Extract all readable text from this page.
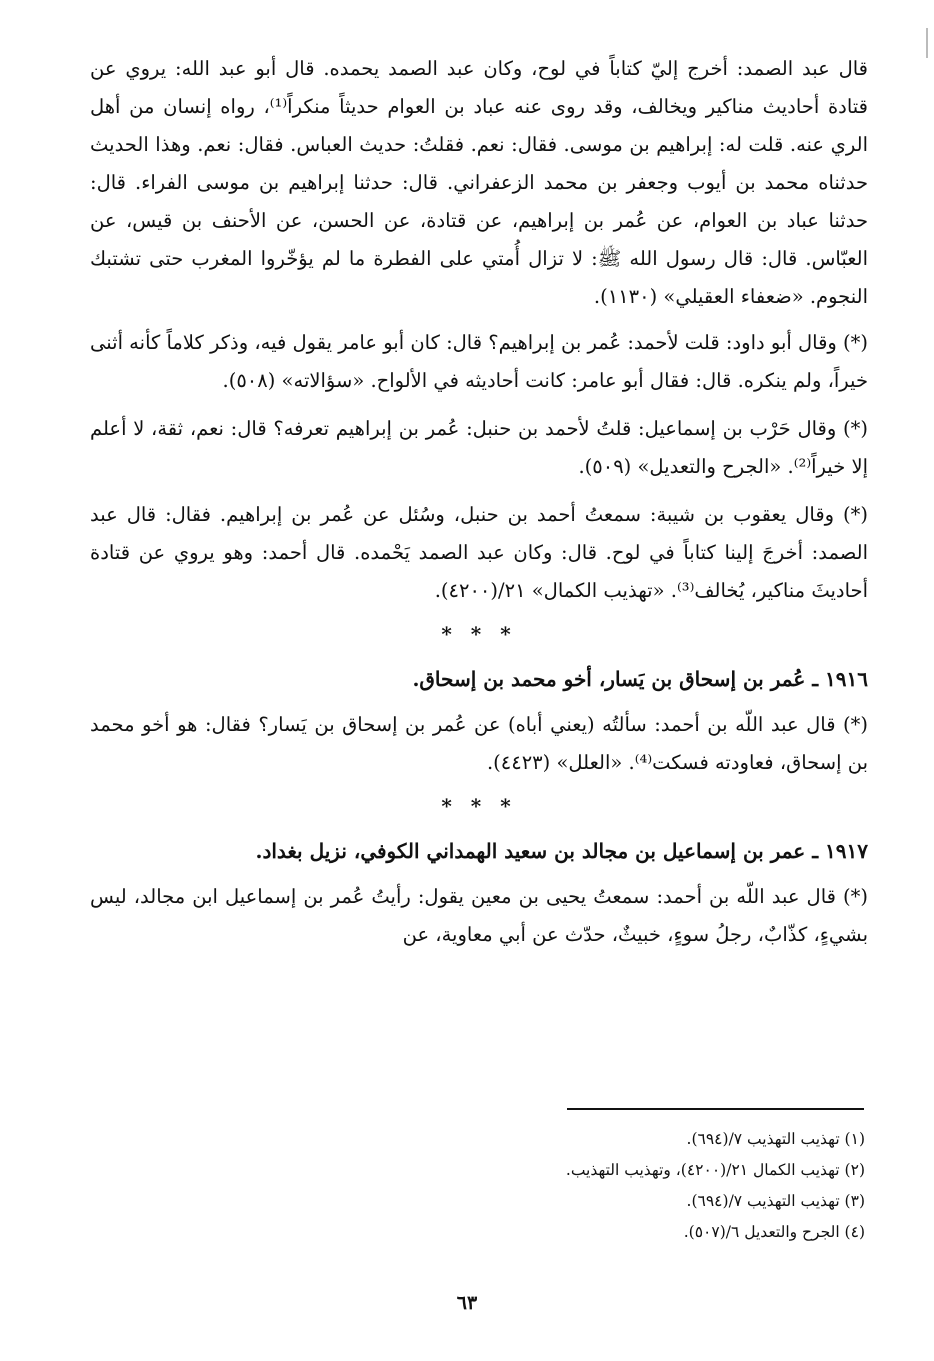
قال عبد الصمد: أخرج إليّ كتاباً في لوح، وكان عبد الصمد يحمده. قال أبو عبد الله: يروي عن قتادة أحاديث مناكير ويخالف، وقد روى عنه عباد بن العوام حديثاً منكراً⁽¹⁾، رواه إنسان من أهل الري عنه. قلت له: إبراهيم بن موسى. فقال: نعم. فقلتُ: حديث العباس. فقال: نعم. وهذا الحديث حدثناه محمد بن أيوب وجعفر بن محمد الزعفراني. قال: حدثنا إبراهيم بن موسى الفراء. قال: حدثنا عباد بن العوام، عن عُمر بن إبراهيم، عن قتادة، عن الحسن، عن الأحنف بن قيس، عن العبّاس. قال: قال رسول الله ﷺ: لا تزال أُمتي على الفطرة ما لم يؤخّروا المغرب حتى تشتبك النجوم. «ضعفاء العقيلي» (١١٣٠).

(*) وقال أبو داود: قلت لأحمد: عُمر بن إبراهيم؟ قال: كان أبو عامر يقول فيه، وذكر كلاماً كأنه أثنى خيراً، ولم ينكره. قال: فقال أبو عامر: كانت أحاديثه في الألواح. «سؤالاته» (٥٠٨).

(*) وقال حَرْب بن إسماعيل: قلتُ لأحمد بن حنبل: عُمر بن إبراهيم تعرفه؟ قال: نعم، ثقة، لا أعلم إلا خيراً⁽²⁾. «الجرح والتعديل» (٥٠٩).

(*) وقال يعقوب بن شيبة: سمعتُ أحمد بن حنبل، وسُئل عن عُمر بن إبراهيم. فقال: قال عبد الصمد: أخرجَ إلينا كتاباً في لوح. قال: وكان عبد الصمد يَحْمده. قال أحمد: وهو يروي عن قتادة أحاديثَ مناكير، يُخالف⁽³⁾. «تهذيب الكمال» ٢١/(٤٢٠٠).

* * *
١٩١٦ ـ عُمر بن إسحاق بن يَسار، أخو محمد بن إسحاق.

(*) قال عبد اللّه بن أحمد: سألتُه (يعني أباه) عن عُمر بن إسحاق بن يَسار؟ فقال: هو أخو محمد بن إسحاق، فعاودته فسكت⁽⁴⁾. «العلل» (٤٤٢٣).

* * *
١٩١٧ ـ عمر بن إسماعيل بن مجالد بن سعيد الهمداني الكوفي، نزيل بغداد.

(*) قال عبد اللّه بن أحمد: سمعتُ يحيى بن معين يقول: رأيتُ عُمر بن إسماعيل ابن مجالد، ليس بشيءٍ، كذّابٌ، رجلُ سوءٍ، خبيثٌ، حدّث عن أبي معاوية، عن

(١) تهذيب التهذيب ٧/(٦٩٤).
(٢) تهذيب الكمال ٢١/(٤٢٠٠)، وتهذيب التهذيب.
(٣) تهذيب التهذيب ٧/(٦٩٤).
(٤) الجرح والتعديل ٦/(٥٠٧).
٦٣
